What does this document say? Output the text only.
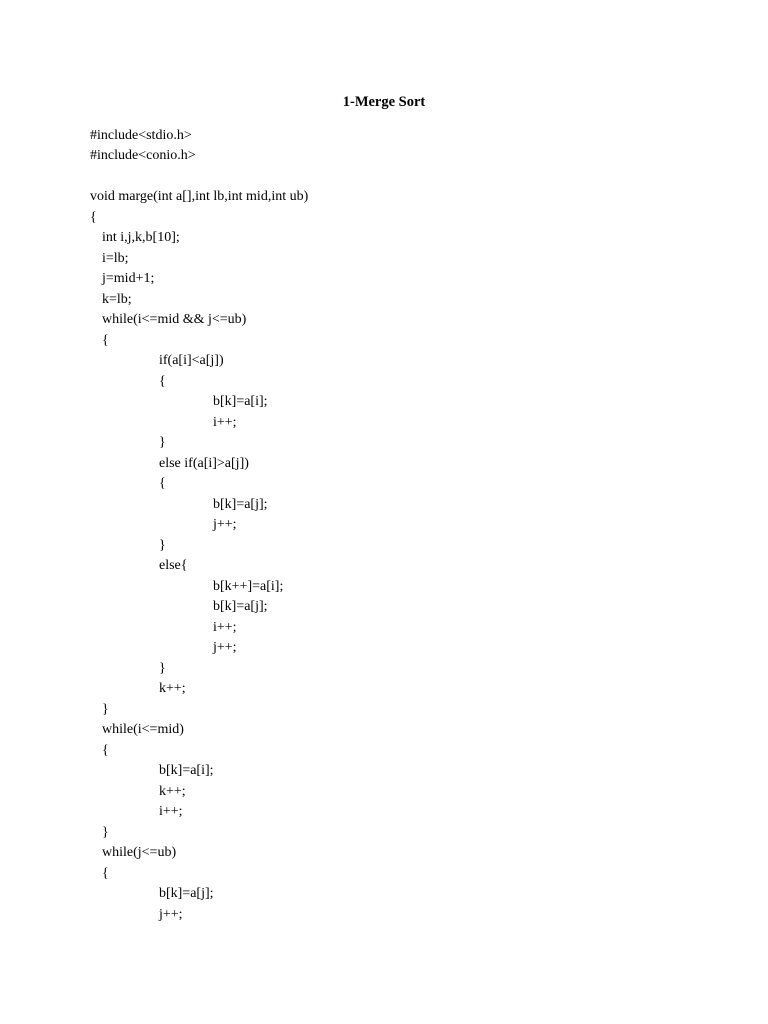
1-Merge Sort
#include<stdio.h>
#include<conio.h>
void marge(int a[],int lb,int mid,int ub)
{
int i,j,k,b[10];
i=lb;
j=mid+1;
k=lb;
while(i<=mid && j<=ub)
{
if(a[i]<a[j])
{
b[k]=a[i];
i++;
}
else if(a[i]>a[j])
{
b[k]=a[j];
j++;
}
else{
b[k++]=a[i];
b[k]=a[j];
i++;
j++;
}
k++;
}
while(i<=mid)
{
b[k]=a[i];
k++;
i++;
}
while(j<=ub)
{
b[k]=a[j];
j++;
